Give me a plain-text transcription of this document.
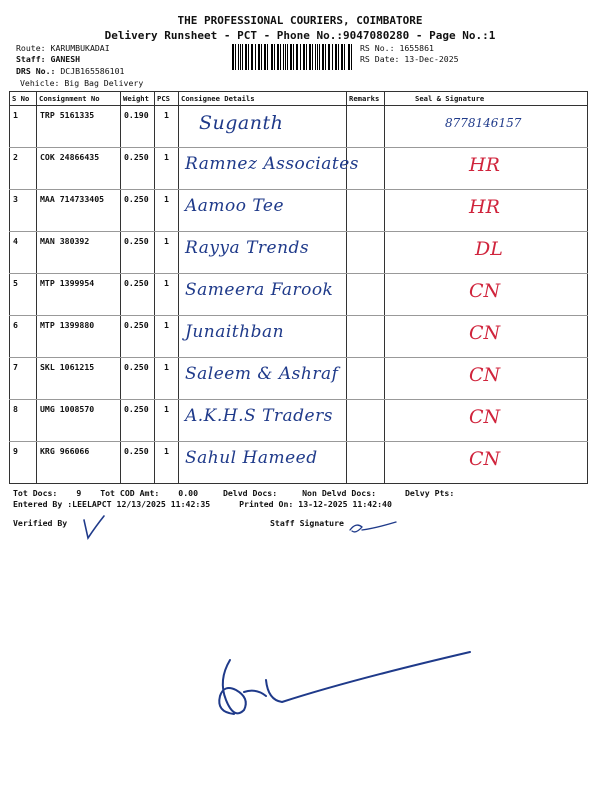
THE PROFESSIONAL COURIERS, COIMBATORE
Delivery Runsheet - PCT - Phone No.:9047080280 - Page No.:1
Route: KARUMBUKADAI
Staff: GANESH
DRS No.: DCJB165586101
Vehicle: Big Bag Delivery
RS No.: 1655861
RS Date: 13-Dec-2025
S No	Consignment No	Weight	PCS	Consignee Details	Remarks	Seal & Signature
1	TRP 5161335	0.190	1	Suganth		8778146157

2	COK 24866435	0.250	1	Ramnez Associates		HR

3	MAA 714733405	0.250	1	Aamoo Tee		HR

4	MAN 380392	0.250	1	Rayya Trends		DL

5	MTP 1399954	0.250	1	Sameera Farook		CN

6	MTP 1399880	0.250	1	Junaithban		CN

7	SKL 1061215	0.250	1	Saleem & Ashraf		CN

8	UMG 1008570	0.250	1	A.K.H.S Traders		CN

9	KRG 966066	0.250	1	Sahul Hameed		CN
Tot Docs: 9 Tot COD Amt: 0.00	Delvd Docs:	Non Delvd Docs:	Delvy Pts:
Entered By :LEELAPCT 12/13/2025 11:42:35	Printed On: 13-12-2025 11:42:40
Verified By	Staff Signature
